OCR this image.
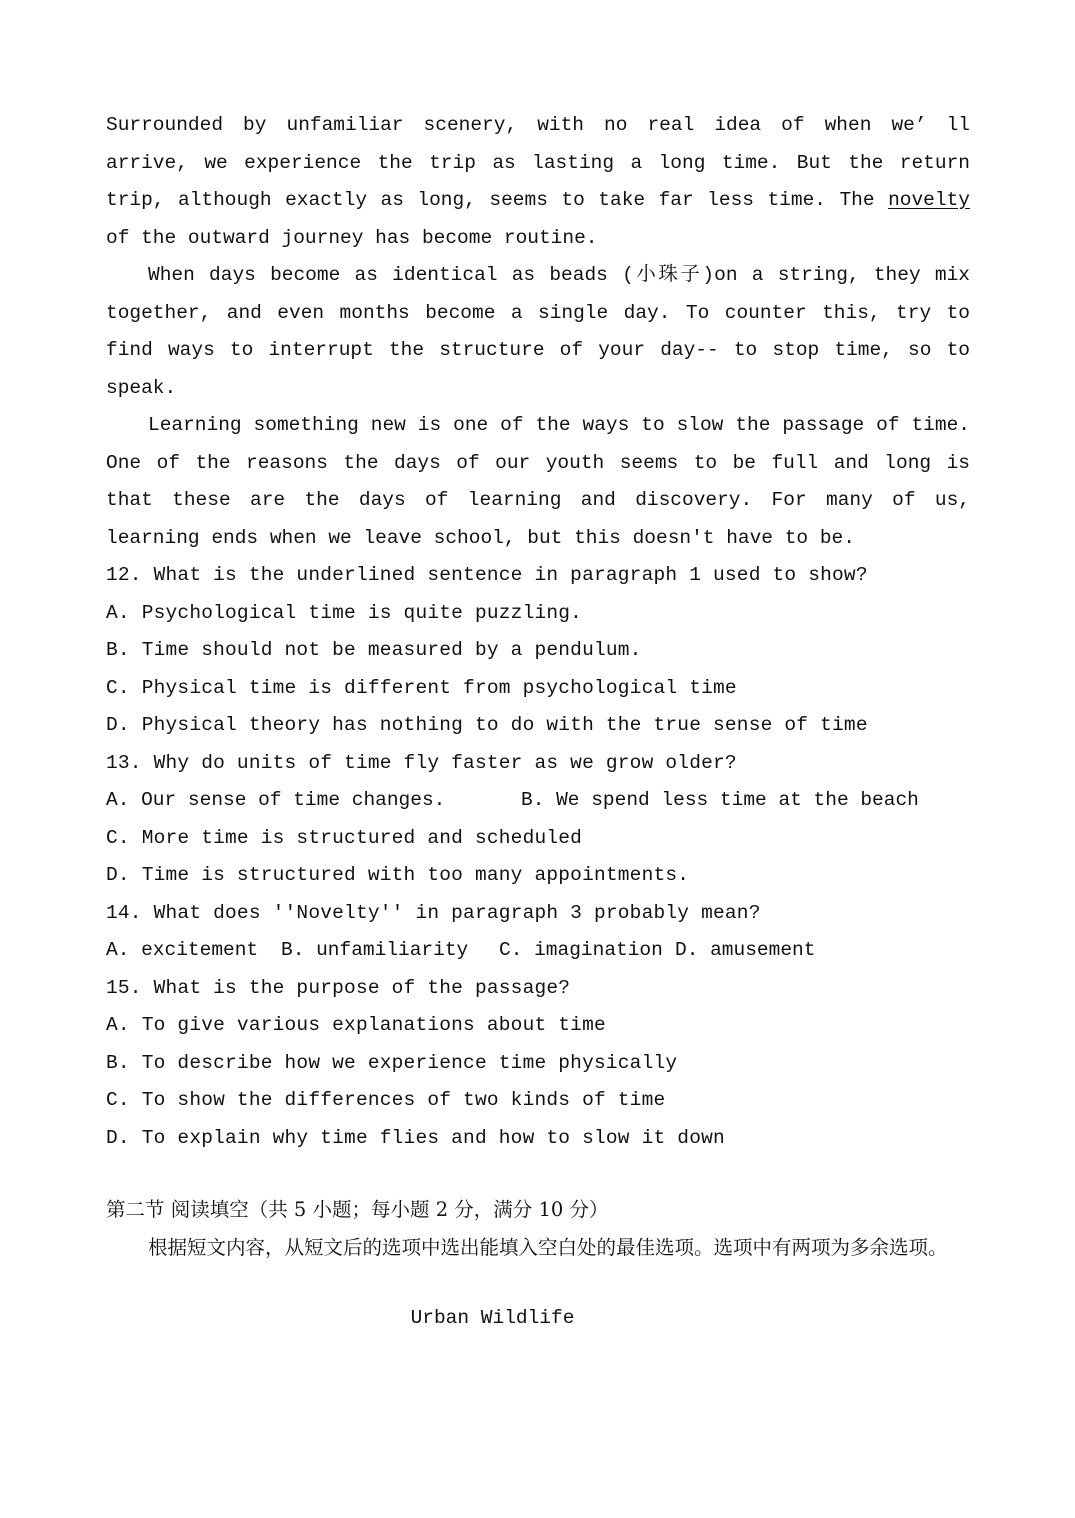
Surrounded by unfamiliar scenery, with no real idea of when we’ ll arrive, we experience the trip as lasting a long time. But the return trip, although exactly as long, seems to take far less time. The novelty of the outward journey has become routine.
When days become as identical as beads (小珠子)on a string, they mix together, and even months become a single day. To counter this, try to find ways to interrupt the structure of your day-- to stop time, so to speak.
Learning something new is one of the ways to slow the passage of time. One of the reasons the days of our youth seems to be full and long is that these are the days of learning and discovery. For many of us, learning ends when we leave school, but this doesn't have to be.
12. What is the underlined sentence in paragraph 1 used to show?
A. Psychological time is quite puzzling.
B. Time should not be measured by a pendulum.
C. Physical time is different from psychological time
D. Physical theory has nothing to do with the true sense of time
13. Why do units of time fly faster as we grow older?
A. Our sense of time changes.	B. We spend less time at the beach
C. More time is structured and scheduled
D. Time is structured with too many appointments.
14. What does ''Novelty'' in paragraph 3 probably mean?
A. excitement	B. unfamiliarity	C. imagination D. amusement
15. What is the purpose of the passage?
A. To give various explanations about time
B. To describe how we experience time physically
C. To show the differences of two kinds of time
D. To explain why time flies and how to slow it down
第二节 阅读填空（共 5 小题；每小题 2 分，满分 10 分）
根据短文内容，从短文后的选项中选出能填入空白处的最佳选项。选项中有两项为多余选项。
Urban Wildlife
